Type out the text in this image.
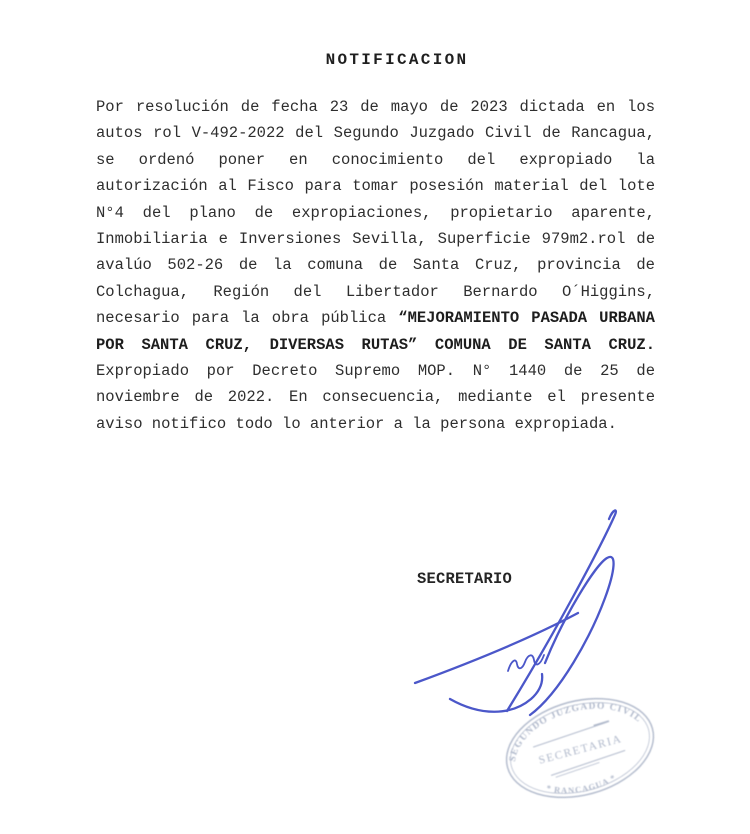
NOTIFICACION
Por resolución de fecha 23 de mayo de 2023 dictada en los
autos rol V-492-2022 del Segundo Juzgado Civil de Rancagua,
se ordenó poner en conocimiento del expropiado la
autorización al Fisco para tomar posesión material del lote
N°4 del plano de expropiaciones, propietario aparente,
Inmobiliaria e Inversiones Sevilla, Superficie 979m2.rol de
avalúo 502-26 de la comuna de Santa Cruz, provincia de
Colchagua, Región del Libertador Bernardo O´Higgins,
necesario para la obra pública “MEJORAMIENTO PASADA URBANA
POR SANTA CRUZ, DIVERSAS RUTAS” COMUNA DE SANTA CRUZ.
Expropiado por Decreto Supremo MOP. N° 1440 de 25 de
noviembre de 2022. En consecuencia, mediante el presente
aviso notifico todo lo anterior a la persona expropiada.
SECRETARIO
SEGUNDO JUZGADO CIVIL
SECRETARIA
* RANCAGUA *
